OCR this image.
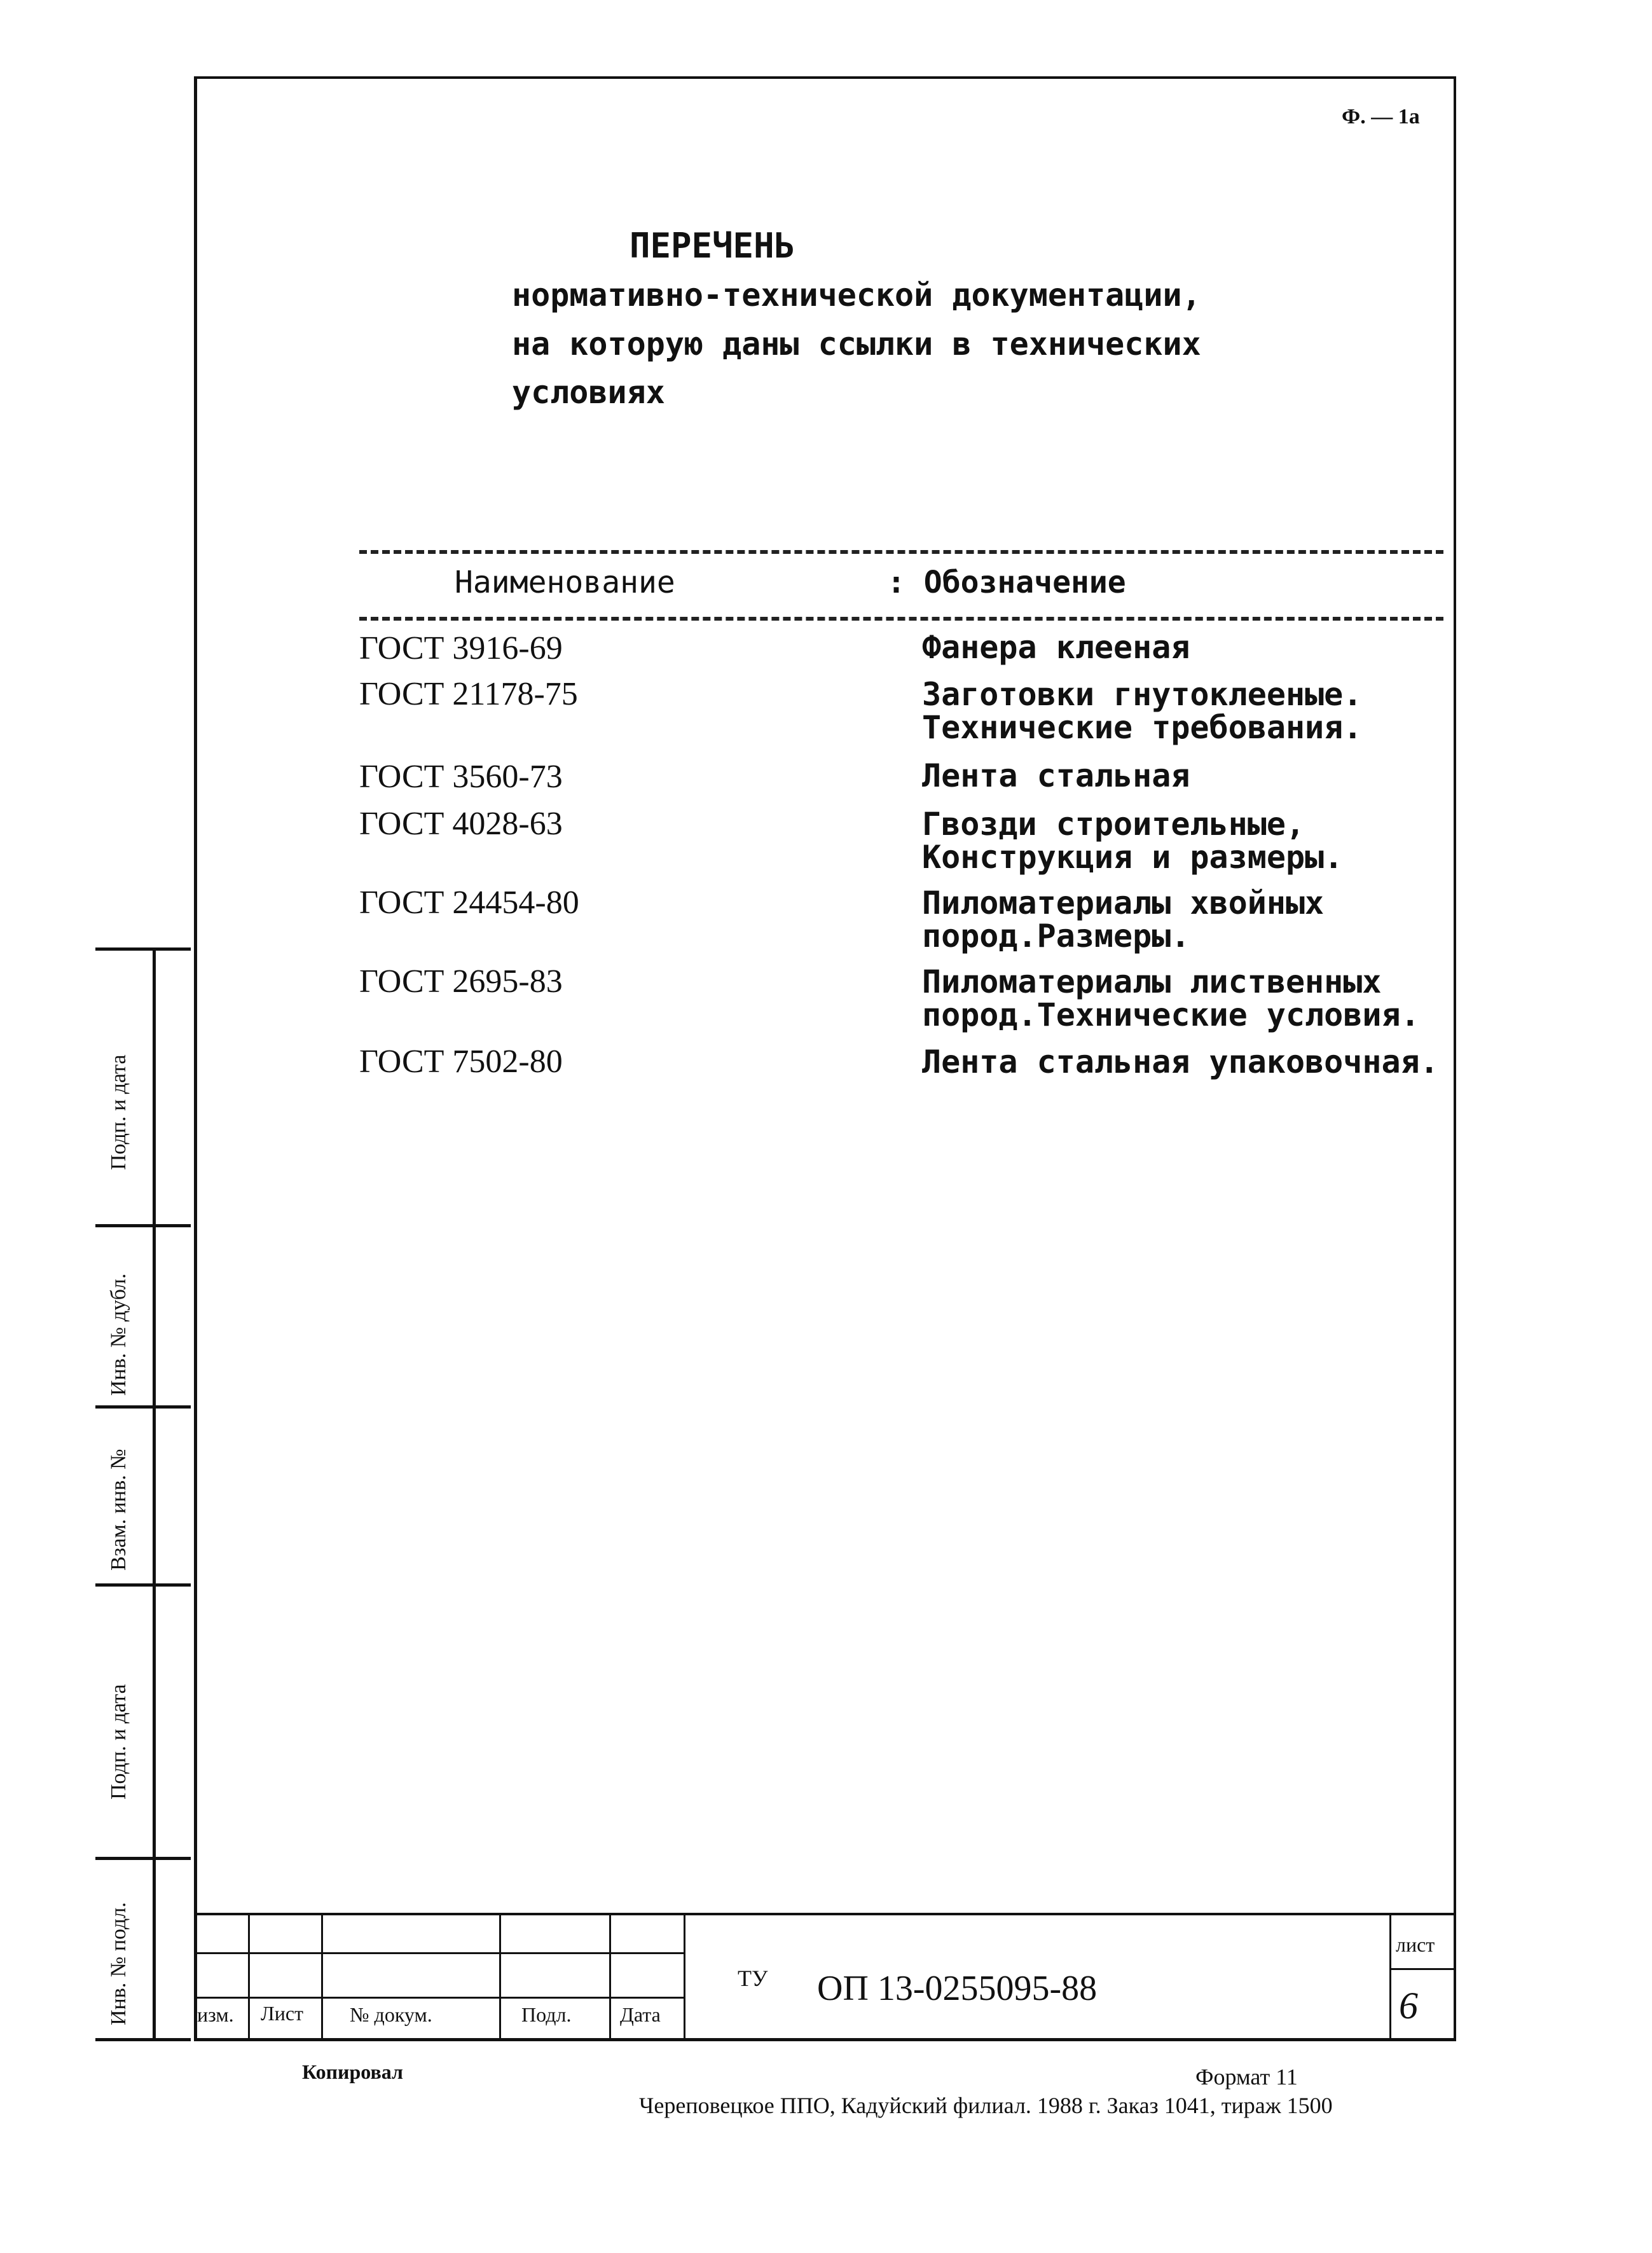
Ф. — 1а
ПЕРЕЧЕНЬ
нормативно-технической документации,
на которую даны ссылки в технических
условиях
Наименование	: Обозначение
ГОСТ 3916-69	Фанера клееная
ГОСТ 21178-75	Заготовки гнутоклееные.
Технические требования.
ГОСТ 3560-73	Лента стальная
ГОСТ 4028-63	Гвозди строительные,
Конструкция и размеры.
ГОСТ 24454-80	Пиломатериалы хвойных
пород.Размеры.
ГОСТ 2695-83	Пиломатериалы лиственных
пород.Технические условия.
ГОСТ 7502-80	Лента стальная упаковочная.
Подп. и дата
Инв. № дубл.
Взам. инв. №
Подп. и дата
Инв. № подл.	изм. Лист № докум.	Подл. Дата
ТУ ОП 13-0255095-88
лист
6
Копировал	Формат 11
Череповецкое ППО, Кадуйский филиал. 1988 г. Заказ 1041, тираж 1500
